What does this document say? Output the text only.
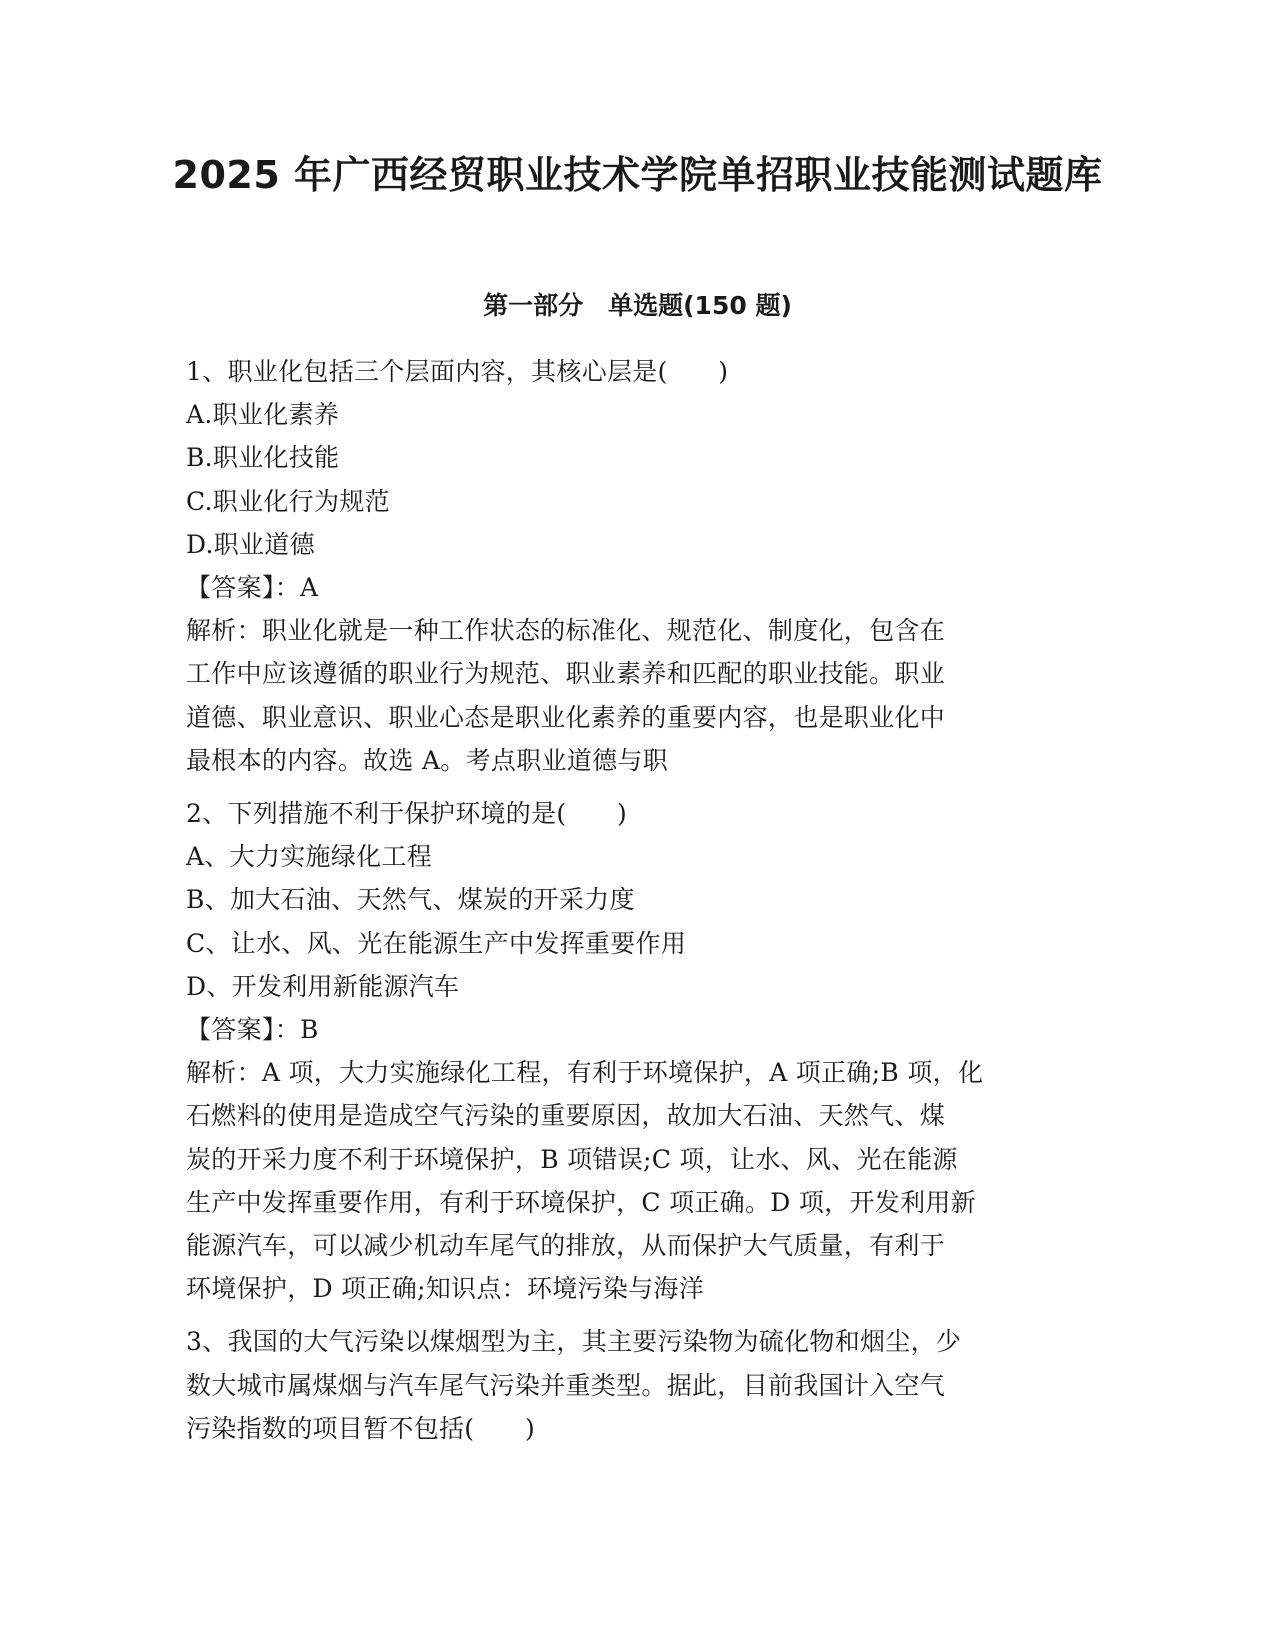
2025 年广西经贸职业技术学院单招职业技能测试题库
第一部分　单选题(150 题)
1、职业化包括三个层面内容，其核心层是(　　)
A.职业化素养
B.职业化技能
C.职业化行为规范
D.职业道德
【答案】：A
解析：职业化就是一种工作状态的标准化、规范化、制度化，包含在
工作中应该遵循的职业行为规范、职业素养和匹配的职业技能。职业
道德、职业意识、职业心态是职业化素养的重要内容，也是职业化中
最根本的内容。故选 A。考点职业道德与职
2、下列措施不利于保护环境的是(　　)
A、大力实施绿化工程
B、加大石油、天然气、煤炭的开采力度
C、让水、风、光在能源生产中发挥重要作用
D、开发利用新能源汽车
【答案】：B
解析：A 项，大力实施绿化工程，有利于环境保护，A 项正确;B 项，化
石燃料的使用是造成空气污染的重要原因，故加大石油、天然气、煤
炭的开采力度不利于环境保护，B 项错误;C 项，让水、风、光在能源
生产中发挥重要作用，有利于环境保护，C 项正确。D 项，开发利用新
能源汽车，可以减少机动车尾气的排放，从而保护大气质量，有利于
环境保护，D 项正确;知识点：环境污染与海洋
3、我国的大气污染以煤烟型为主，其主要污染物为硫化物和烟尘，少
数大城市属煤烟与汽车尾气污染并重类型。据此，目前我国计入空气
污染指数的项目暂不包括(　　)
